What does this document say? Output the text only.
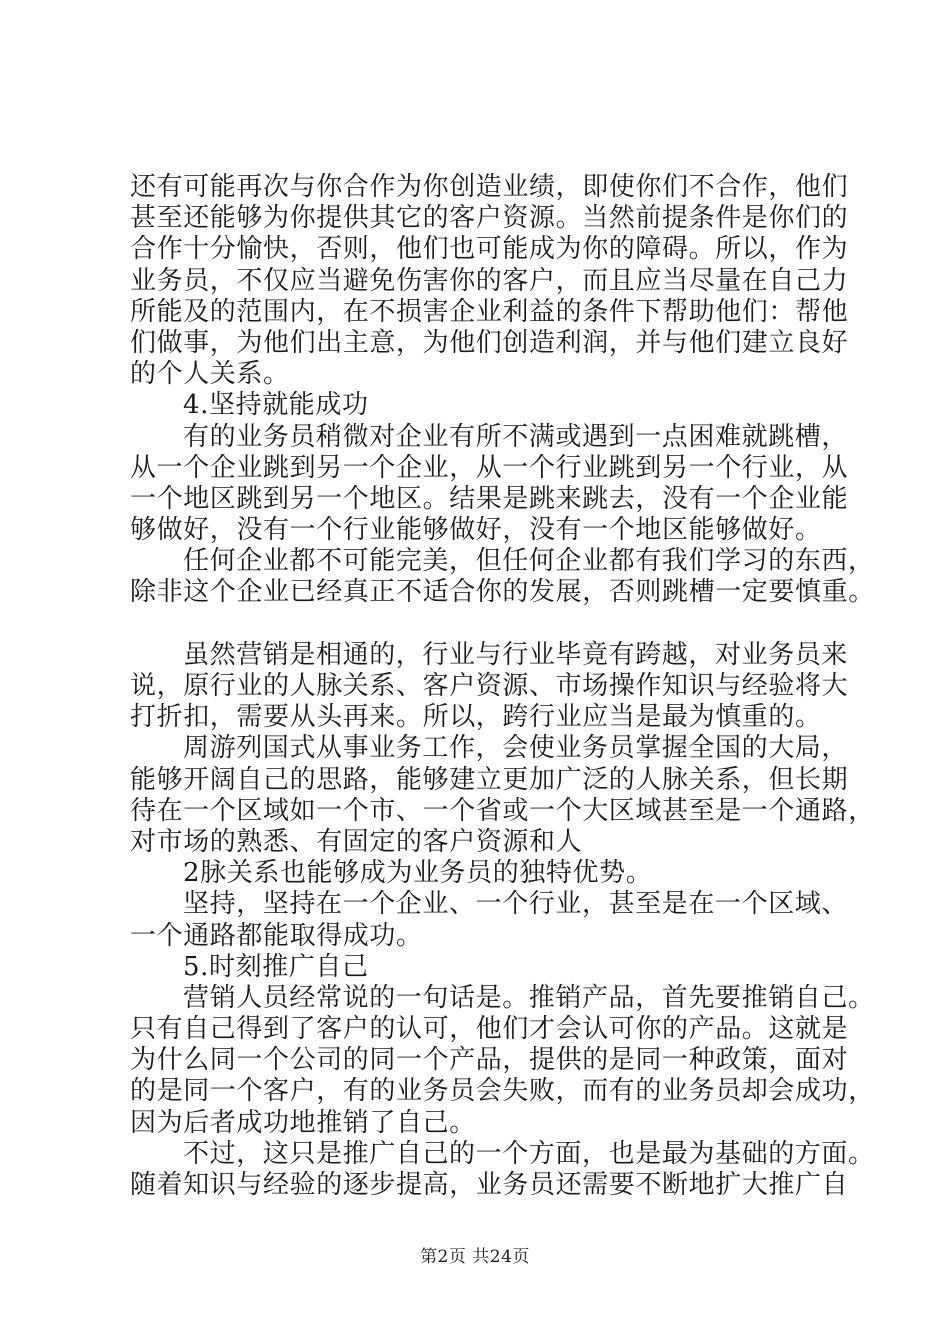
还有可能再次与你合作为你创造业绩，即使你们不合作，他们
甚至还能够为你提供其它的客户资源。当然前提条件是你们的
合作十分愉快，否则，他们也可能成为你的障碍。所以，作为
业务员，不仅应当避免伤害你的客户，而且应当尽量在自己力
所能及的范围内，在不损害企业利益的条件下帮助他们：帮他
们做事，为他们出主意，为他们创造利润，并与他们建立良好
的个人关系。
4.坚持就能成功
有的业务员稍微对企业有所不满或遇到一点困难就跳槽，
从一个企业跳到另一个企业，从一个行业跳到另一个行业，从
一个地区跳到另一个地区。结果是跳来跳去，没有一个企业能
够做好，没有一个行业能够做好，没有一个地区能够做好。
任何企业都不可能完美，但任何企业都有我们学习的东西，
除非这个企业已经真正不适合你的发展，否则跳槽一定要慎重。
虽然营销是相通的，行业与行业毕竟有跨越，对业务员来
说，原行业的人脉关系、客户资源、市场操作知识与经验将大
打折扣，需要从头再来。所以，跨行业应当是最为慎重的。
周游列国式从事业务工作，会使业务员掌握全国的大局，
能够开阔自己的思路，能够建立更加广泛的人脉关系，但长期
待在一个区域如一个市、一个省或一个大区域甚至是一个通路，
对市场的熟悉、有固定的客户资源和人
2脉关系也能够成为业务员的独特优势。
坚持，坚持在一个企业、一个行业，甚至是在一个区域、
一个通路都能取得成功。
5.时刻推广自己
营销人员经常说的一句话是。推销产品，首先要推销自己。
只有自己得到了客户的认可，他们才会认可你的产品。这就是
为什么同一个公司的同一个产品，提供的是同一种政策，面对
的是同一个客户，有的业务员会失败，而有的业务员却会成功，
因为后者成功地推销了自己。
不过，这只是推广自己的一个方面，也是最为基础的方面。
随着知识与经验的逐步提高，业务员还需要不断地扩大推广自
第2页 共24页
